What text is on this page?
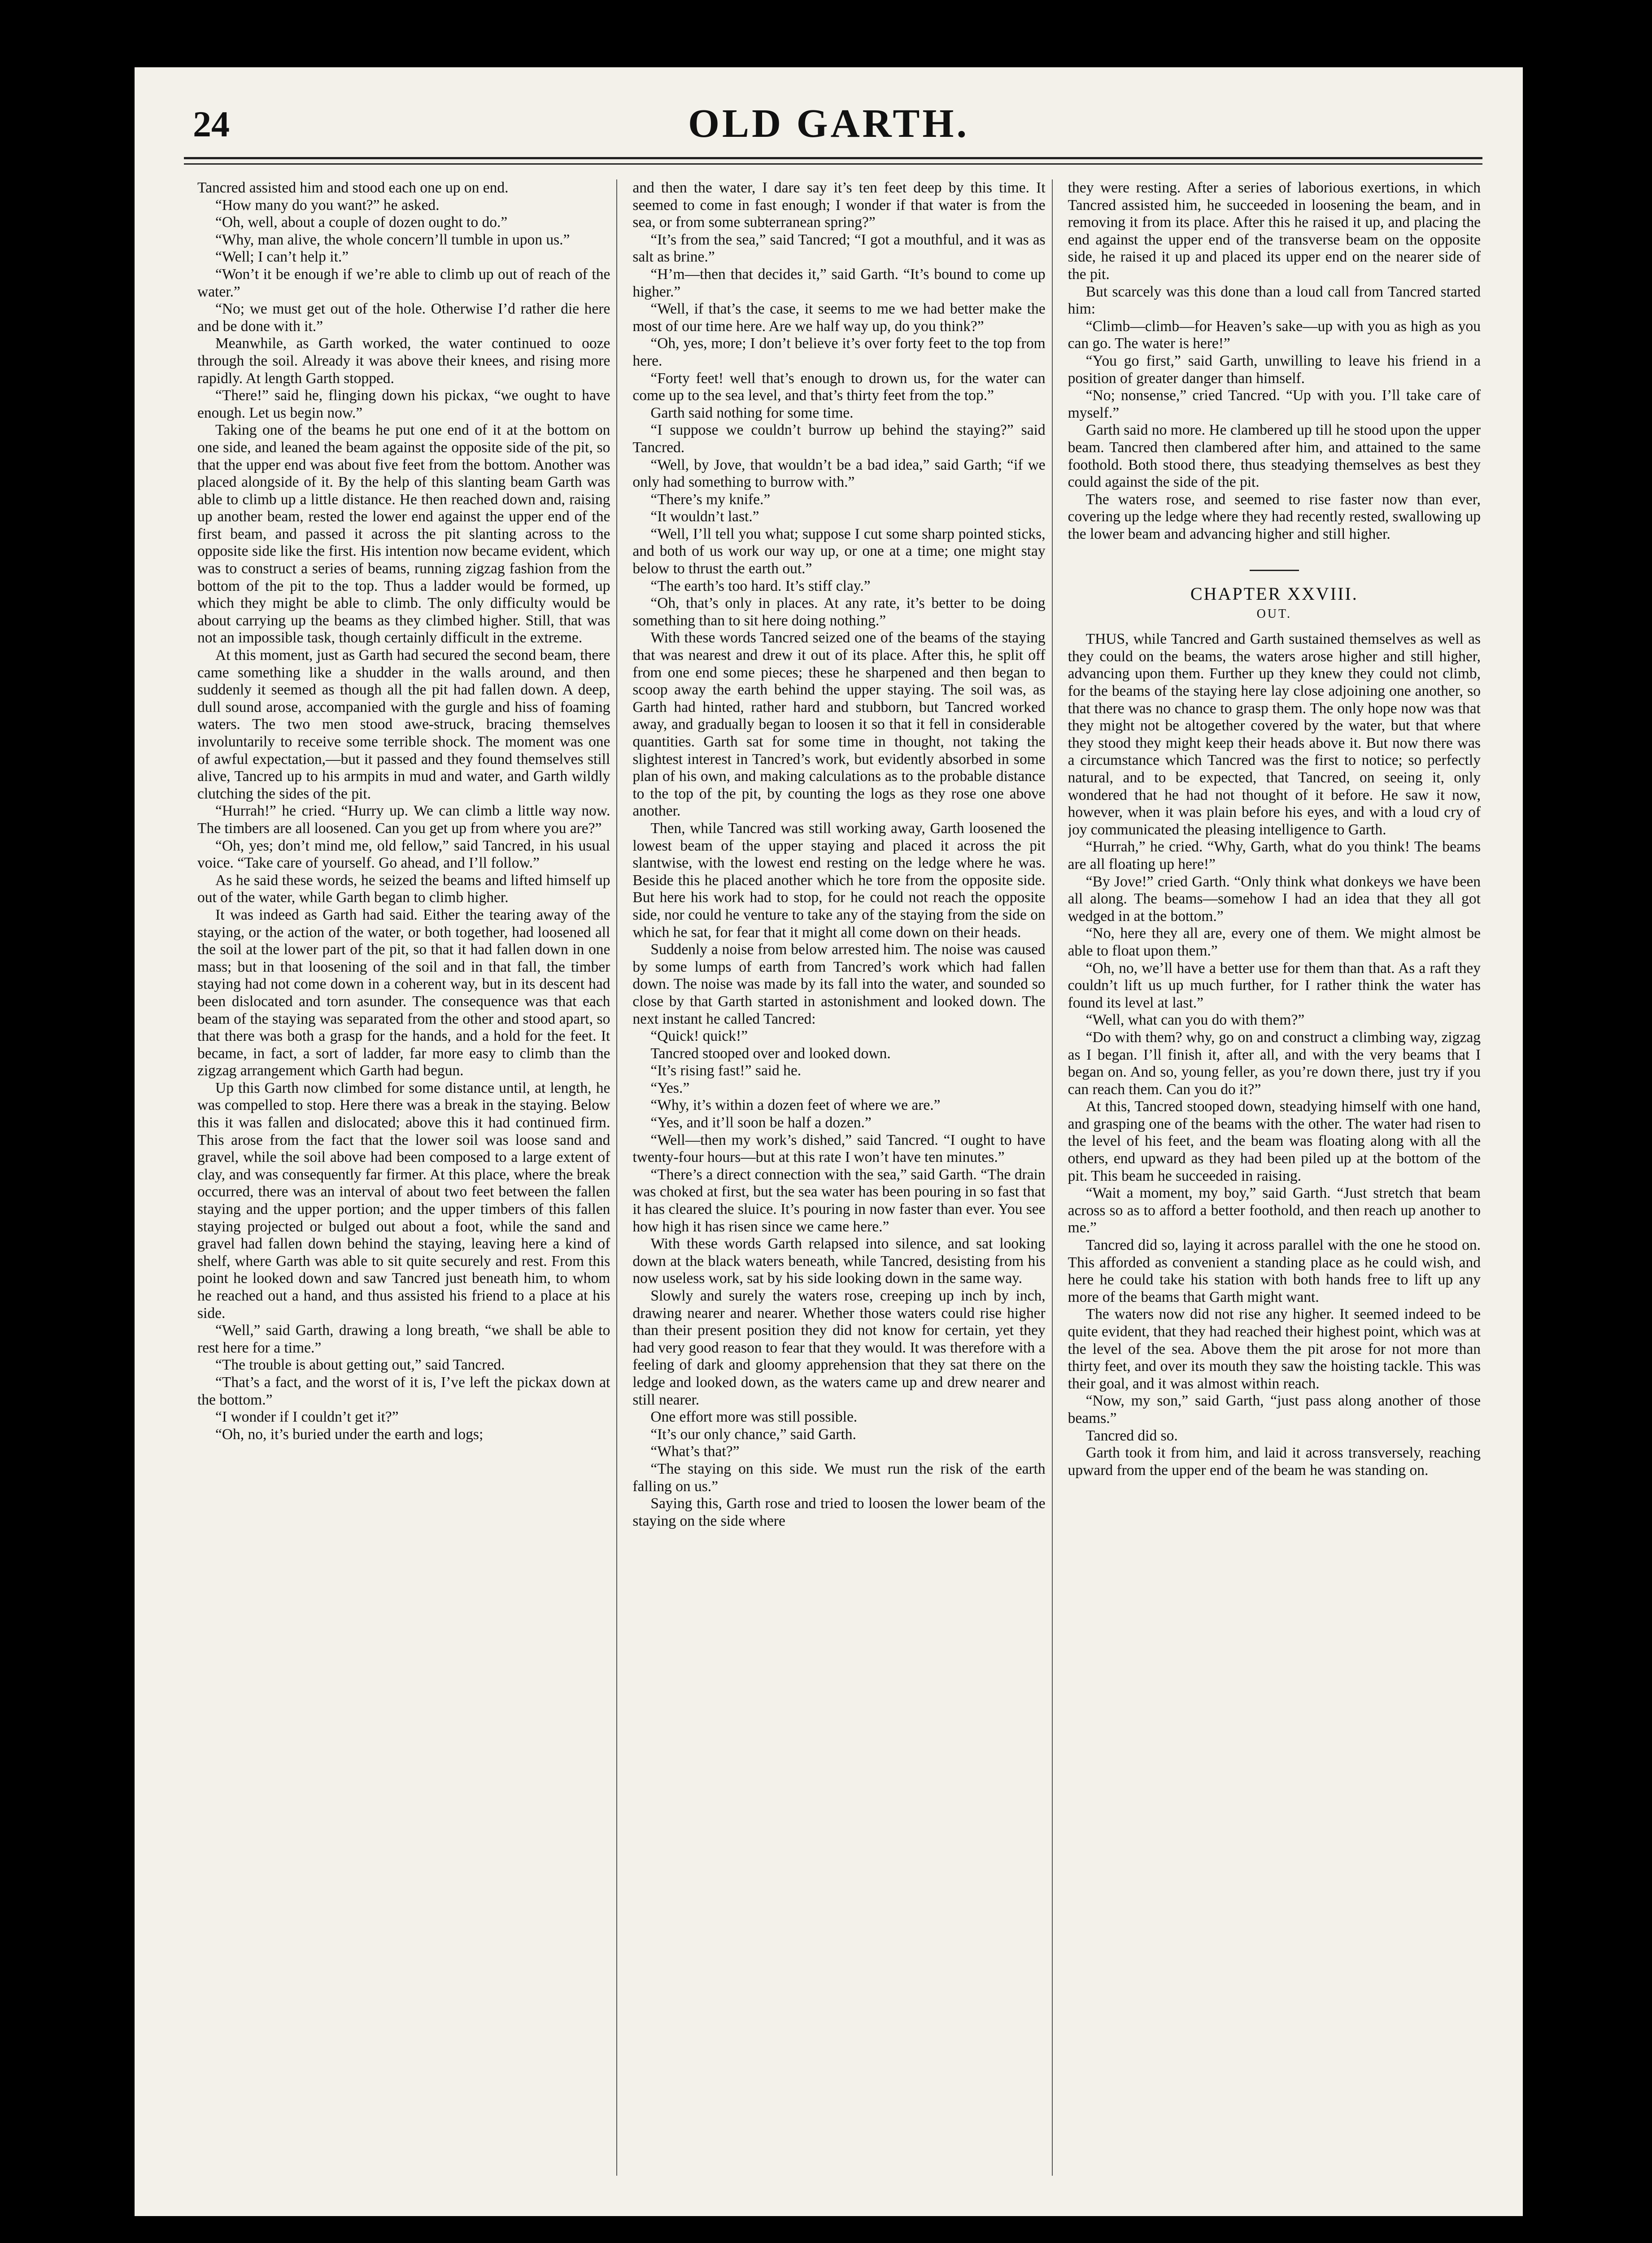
24	OLD GARTH.

Tancred assisted him and stood each one up on end.

“How many do you want?” he asked.

“Oh, well, about a couple of dozen ought to do.”

“Why, man alive, the whole concern’ll tumble in upon us.”

“Well; I can’t help it.”

“Won’t it be enough if we’re able to climb up out of reach of the water.”

“No; we must get out of the hole. Otherwise I’d rather die here and be done with it.”

Meanwhile, as Garth worked, the water continued to ooze through the soil. Already it was above their knees, and rising more rapidly. At length Garth stopped.

“There!” said he, flinging down his pickax, “we ought to have enough. Let us begin now.”

Taking one of the beams he put one end of it at the bottom on one side, and leaned the beam against the opposite side of the pit, so that the upper end was about five feet from the bottom. Another was placed alongside of it. By the help of this slanting beam Garth was able to climb up a little distance. He then reached down and, raising up another beam, rested the lower end against the upper end of the first beam, and passed it across the pit slanting across to the opposite side like the first. His intention now became evident, which was to construct a series of beams, running zigzag fashion from the bottom of the pit to the top. Thus a ladder would be formed, up which they might be able to climb. The only difficulty would be about carrying up the beams as they climbed higher. Still, that was not an impossible task, though certainly difficult in the extreme.

At this moment, just as Garth had secured the second beam, there came something like a shudder in the walls around, and then suddenly it seemed as though all the pit had fallen down. A deep, dull sound arose, accompanied with the gurgle and hiss of foaming waters. The two men stood awe-struck, bracing themselves involuntarily to receive some terrible shock. The moment was one of awful expectation,—but it passed and they found themselves still alive, Tancred up to his armpits in mud and water, and Garth wildly clutching the sides of the pit.

“Hurrah!” he cried. “Hurry up. We can climb a little way now. The timbers are all loosened. Can you get up from where you are?”

“Oh, yes; don’t mind me, old fellow,” said Tancred, in his usual voice. “Take care of yourself. Go ahead, and I’ll follow.”

As he said these words, he seized the beams and lifted himself up out of the water, while Garth began to climb higher.

It was indeed as Garth had said. Either the tearing away of the staying, or the action of the water, or both together, had loosened all the soil at the lower part of the pit, so that it had fallen down in one mass; but in that loosening of the soil and in that fall, the timber staying had not come down in a coherent way, but in its descent had been dislocated and torn asunder. The consequence was that each beam of the staying was separated from the other and stood apart, so that there was both a grasp for the hands, and a hold for the feet. It became, in fact, a sort of ladder, far more easy to climb than the zigzag arrangement which Garth had begun.

Up this Garth now climbed for some distance until, at length, he was compelled to stop. Here there was a break in the staying. Below this it was fallen and dislocated; above this it had continued firm. This arose from the fact that the lower soil was loose sand and gravel, while the soil above had been composed to a large extent of clay, and was consequently far firmer. At this place, where the break occurred, there was an interval of about two feet between the fallen staying and the upper portion; and the upper timbers of this fallen staying projected or bulged out about a foot, while the sand and gravel had fallen down behind the staying, leaving here a kind of shelf, where Garth was able to sit quite securely and rest. From this point he looked down and saw Tancred just beneath him, to whom he reached out a hand, and thus assisted his friend to a place at his side.

“Well,” said Garth, drawing a long breath, “we shall be able to rest here for a time.”

“The trouble is about getting out,” said Tancred.

“That’s a fact, and the worst of it is, I’ve left the pickax down at the bottom.”

“I wonder if I couldn’t get it?”

“Oh, no, it’s buried under the earth and logs;

and then the water, I dare say it’s ten feet deep by this time. It seemed to come in fast enough; I wonder if that water is from the sea, or from some subterranean spring?”

“It’s from the sea,” said Tancred; “I got a mouthful, and it was as salt as brine.”

“H’m—then that decides it,” said Garth. “It’s bound to come up higher.”

“Well, if that’s the case, it seems to me we had better make the most of our time here. Are we half way up, do you think?”

“Oh, yes, more; I don’t believe it’s over forty feet to the top from here.

“Forty feet! well that’s enough to drown us, for the water can come up to the sea level, and that’s thirty feet from the top.”

Garth said nothing for some time.

“I suppose we couldn’t burrow up behind the staying?” said Tancred.

“Well, by Jove, that wouldn’t be a bad idea,” said Garth; “if we only had something to burrow with.”

“There’s my knife.”

“It wouldn’t last.”

“Well, I’ll tell you what; suppose I cut some sharp pointed sticks, and both of us work our way up, or one at a time; one might stay below to thrust the earth out.”

“The earth’s too hard. It’s stiff clay.”

“Oh, that’s only in places. At any rate, it’s better to be doing something than to sit here doing nothing.”

With these words Tancred seized one of the beams of the staying that was nearest and drew it out of its place. After this, he split off from one end some pieces; these he sharpened and then began to scoop away the earth behind the upper staying. The soil was, as Garth had hinted, rather hard and stubborn, but Tancred worked away, and gradually began to loosen it so that it fell in considerable quantities. Garth sat for some time in thought, not taking the slightest interest in Tancred’s work, but evidently absorbed in some plan of his own, and making calculations as to the probable distance to the top of the pit, by counting the logs as they rose one above another.

Then, while Tancred was still working away, Garth loosened the lowest beam of the upper staying and placed it across the pit slantwise, with the lowest end resting on the ledge where he was. Beside this he placed another which he tore from the opposite side. But here his work had to stop, for he could not reach the opposite side, nor could he venture to take any of the staying from the side on which he sat, for fear that it might all come down on their heads.

Suddenly a noise from below arrested him. The noise was caused by some lumps of earth from Tancred’s work which had fallen down. The noise was made by its fall into the water, and sounded so close by that Garth started in astonishment and looked down. The next instant he called Tancred:

“Quick! quick!”

Tancred stooped over and looked down.

“It’s rising fast!” said he.

“Yes.”

“Why, it’s within a dozen feet of where we are.”

“Yes, and it’ll soon be half a dozen.”

“Well—then my work’s dished,” said Tancred. “I ought to have twenty-four hours—but at this rate I won’t have ten minutes.”

“There’s a direct connection with the sea,” said Garth. “The drain was choked at first, but the sea water has been pouring in so fast that it has cleared the sluice. It’s pouring in now faster than ever. You see how high it has risen since we came here.”

With these words Garth relapsed into silence, and sat looking down at the black waters beneath, while Tancred, desisting from his now useless work, sat by his side looking down in the same way.

Slowly and surely the waters rose, creeping up inch by inch, drawing nearer and nearer. Whether those waters could rise higher than their present position they did not know for certain, yet they had very good reason to fear that they would. It was therefore with a feeling of dark and gloomy apprehension that they sat there on the ledge and looked down, as the waters came up and drew nearer and still nearer.

One effort more was still possible.

“It’s our only chance,” said Garth.

“What’s that?”

“The staying on this side. We must run the risk of the earth falling on us.”

Saying this, Garth rose and tried to loosen the lower beam of the staying on the side where

they were resting. After a series of laborious exertions, in which Tancred assisted him, he succeeded in loosening the beam, and in removing it from its place. After this he raised it up, and placing the end against the upper end of the transverse beam on the opposite side, he raised it up and placed its upper end on the nearer side of the pit.

But scarcely was this done than a loud call from Tancred started him:

“Climb—climb—for Heaven’s sake—up with you as high as you can go. The water is here!”

“You go first,” said Garth, unwilling to leave his friend in a position of greater danger than himself.

“No; nonsense,” cried Tancred. “Up with you. I’ll take care of myself.”

Garth said no more. He clambered up till he stood upon the upper beam. Tancred then clambered after him, and attained to the same foothold. Both stood there, thus steadying themselves as best they could against the side of the pit.

The waters rose, and seemed to rise faster now than ever, covering up the ledge where they had recently rested, swallowing up the lower beam and advancing higher and still higher.

CHAPTER XXVIII.
OUT.

THUS, while Tancred and Garth sustained themselves as well as they could on the beams, the waters arose higher and still higher, advancing upon them. Further up they knew they could not climb, for the beams of the staying here lay close adjoining one another, so that there was no chance to grasp them. The only hope now was that they might not be altogether covered by the water, but that where they stood they might keep their heads above it. But now there was a circumstance which Tancred was the first to notice; so perfectly natural, and to be expected, that Tancred, on seeing it, only wondered that he had not thought of it before. He saw it now, however, when it was plain before his eyes, and with a loud cry of joy communicated the pleasing intelligence to Garth.

“Hurrah,” he cried. “Why, Garth, what do you think! The beams are all floating up here!”

“By Jove!” cried Garth. “Only think what donkeys we have been all along. The beams—somehow I had an idea that they all got wedged in at the bottom.”

“No, here they all are, every one of them. We might almost be able to float upon them.”

“Oh, no, we’ll have a better use for them than that. As a raft they couldn’t lift us up much further, for I rather think the water has found its level at last.”

“Well, what can you do with them?”

“Do with them? why, go on and construct a climbing way, zigzag as I began. I’ll finish it, after all, and with the very beams that I began on. And so, young feller, as you’re down there, just try if you can reach them. Can you do it?”

At this, Tancred stooped down, steadying himself with one hand, and grasping one of the beams with the other. The water had risen to the level of his feet, and the beam was floating along with all the others, end upward as they had been piled up at the bottom of the pit. This beam he succeeded in raising.

“Wait a moment, my boy,” said Garth. “Just stretch that beam across so as to afford a better foothold, and then reach up another to me.”

Tancred did so, laying it across parallel with the one he stood on. This afforded as convenient a standing place as he could wish, and here he could take his station with both hands free to lift up any more of the beams that Garth might want.

The waters now did not rise any higher. It seemed indeed to be quite evident, that they had reached their highest point, which was at the level of the sea. Above them the pit arose for not more than thirty feet, and over its mouth they saw the hoisting tackle. This was their goal, and it was almost within reach.

“Now, my son,” said Garth, “just pass along another of those beams.”

Tancred did so.

Garth took it from him, and laid it across transversely, reaching upward from the upper end of the beam he was standing on.
